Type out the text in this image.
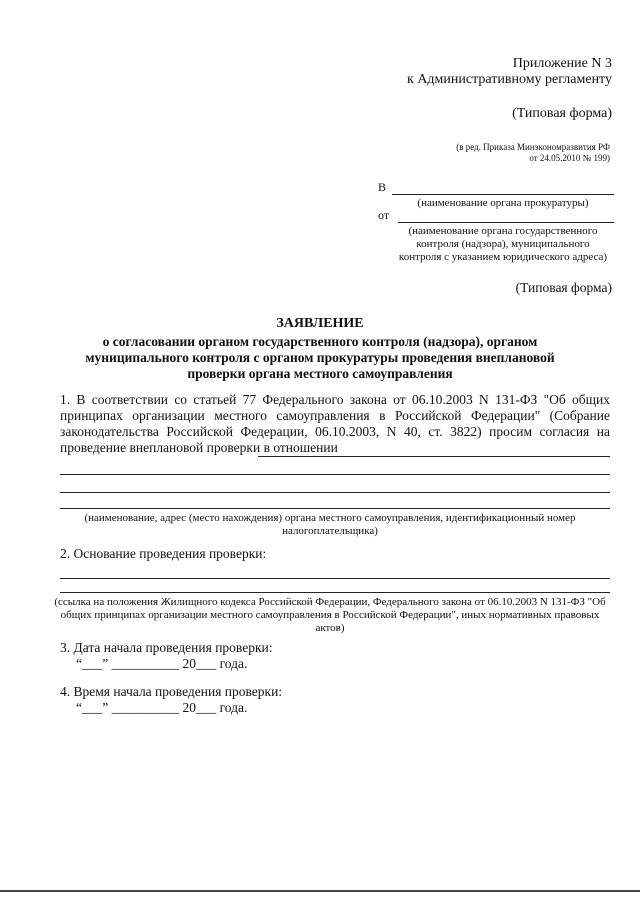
Приложение N 3
к Административному регламенту
(Типовая форма)
(в ред. Приказа Минэкономразвития РФ
от 24.05.2010 № 199)
В
(наименование органа прокуратуры)
от
(наименование органа государственного
контроля (надзора), муниципального
контроля с указанием юридического адреса)
(Типовая форма)
ЗАЯВЛЕНИЕ
о согласовании органом государственного контроля (надзора), органом
муниципального контроля с органом прокуратуры проведения внеплановой
проверки органа местного самоуправления
1. В соответствии со статьей 77 Федерального закона от 06.10.2003 N 131-ФЗ "Об общих принципах организации местного самоуправления в Российской Федерации" (Собрание законодательства Российской Федерации, 06.10.2003, N 40, ст. 3822) просим согласия на
проведение внеплановой проверки в отношении
(наименование, адрес (место нахождения) органа местного самоуправления, идентификационный номер
налогоплательщика)
2. Основание проведения проверки:
(ссылка на положения Жилищного кодекса Российской Федерации, Федерального закона от 06.10.2003 N 131-ФЗ "Об
общих принципах организации местного самоуправления в Российской Федерации", иных нормативных правовых
актов)
3. Дата начала проведения проверки:
“___” __________ 20___ года.
4. Время начала проведения проверки:
“___” __________ 20___ года.
